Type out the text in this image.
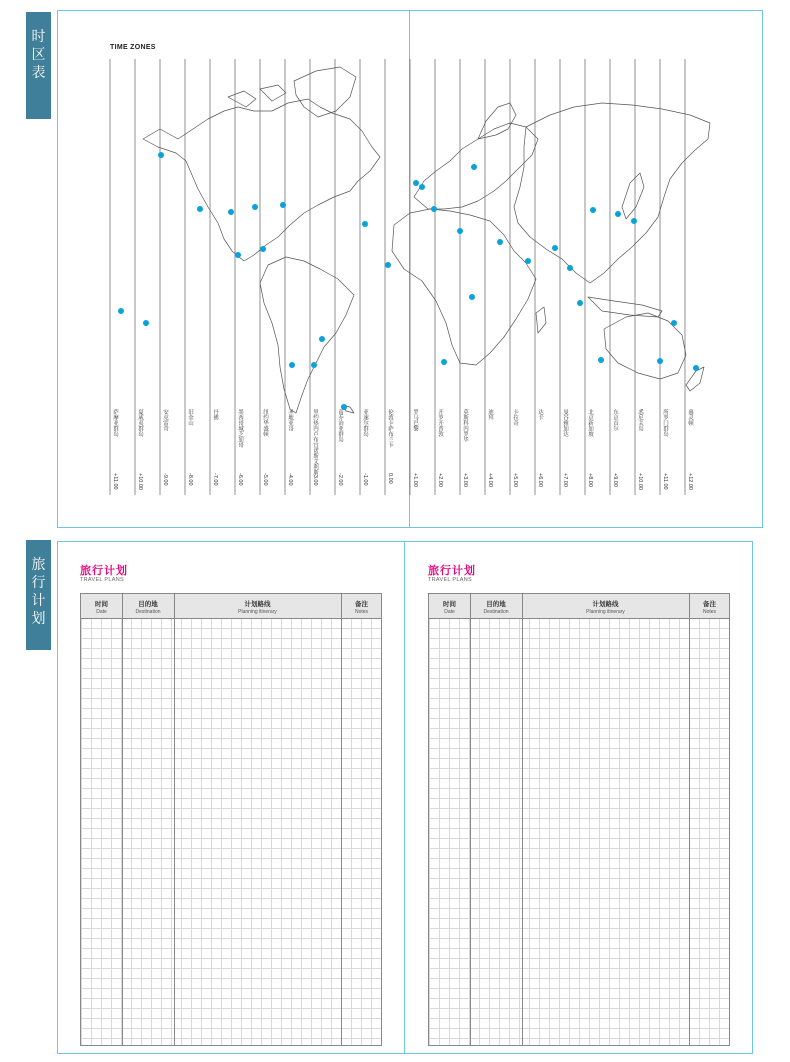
时
区
表
旅
行
计
划
TIME ZONES
萨摩亚群岛
+11.00
夏威夷群岛
+10.00
安克雷奇
-9.00
旧金山
-8.00
丹佛
-7.00
墨西哥城芝加哥
-6.00
纽约华盛顿
-5.00
圣地亚哥
-4.00
里约热内卢布宜诺斯艾利斯
-3.00
南乔治亚群岛
-2.00
亚速尔群岛
-1.00
伦敦卡萨布兰卡
0.00
罗马巴黎
+1.00
开罗开普敦
+2.00
莫斯科内罗毕
+3.00
迪拜
+4.00
卡拉奇
+5.00
达卡
+6.00
曼谷雅加达
+7.00
北京新加坡
+8.00
东京首尔
+9.00
悉尼关岛
+10.00
所罗门群岛
+11.00
惠灵顿
+12.00
旅行计划
TRAVEL PLANS
时间
Date
目的地
Destination
计划路线
Planning itinerary
备注
Notes
旅行计划
TRAVEL PLANS
时间
Date
目的地
Destination
计划路线
Planning itinerary
备注
Notes
